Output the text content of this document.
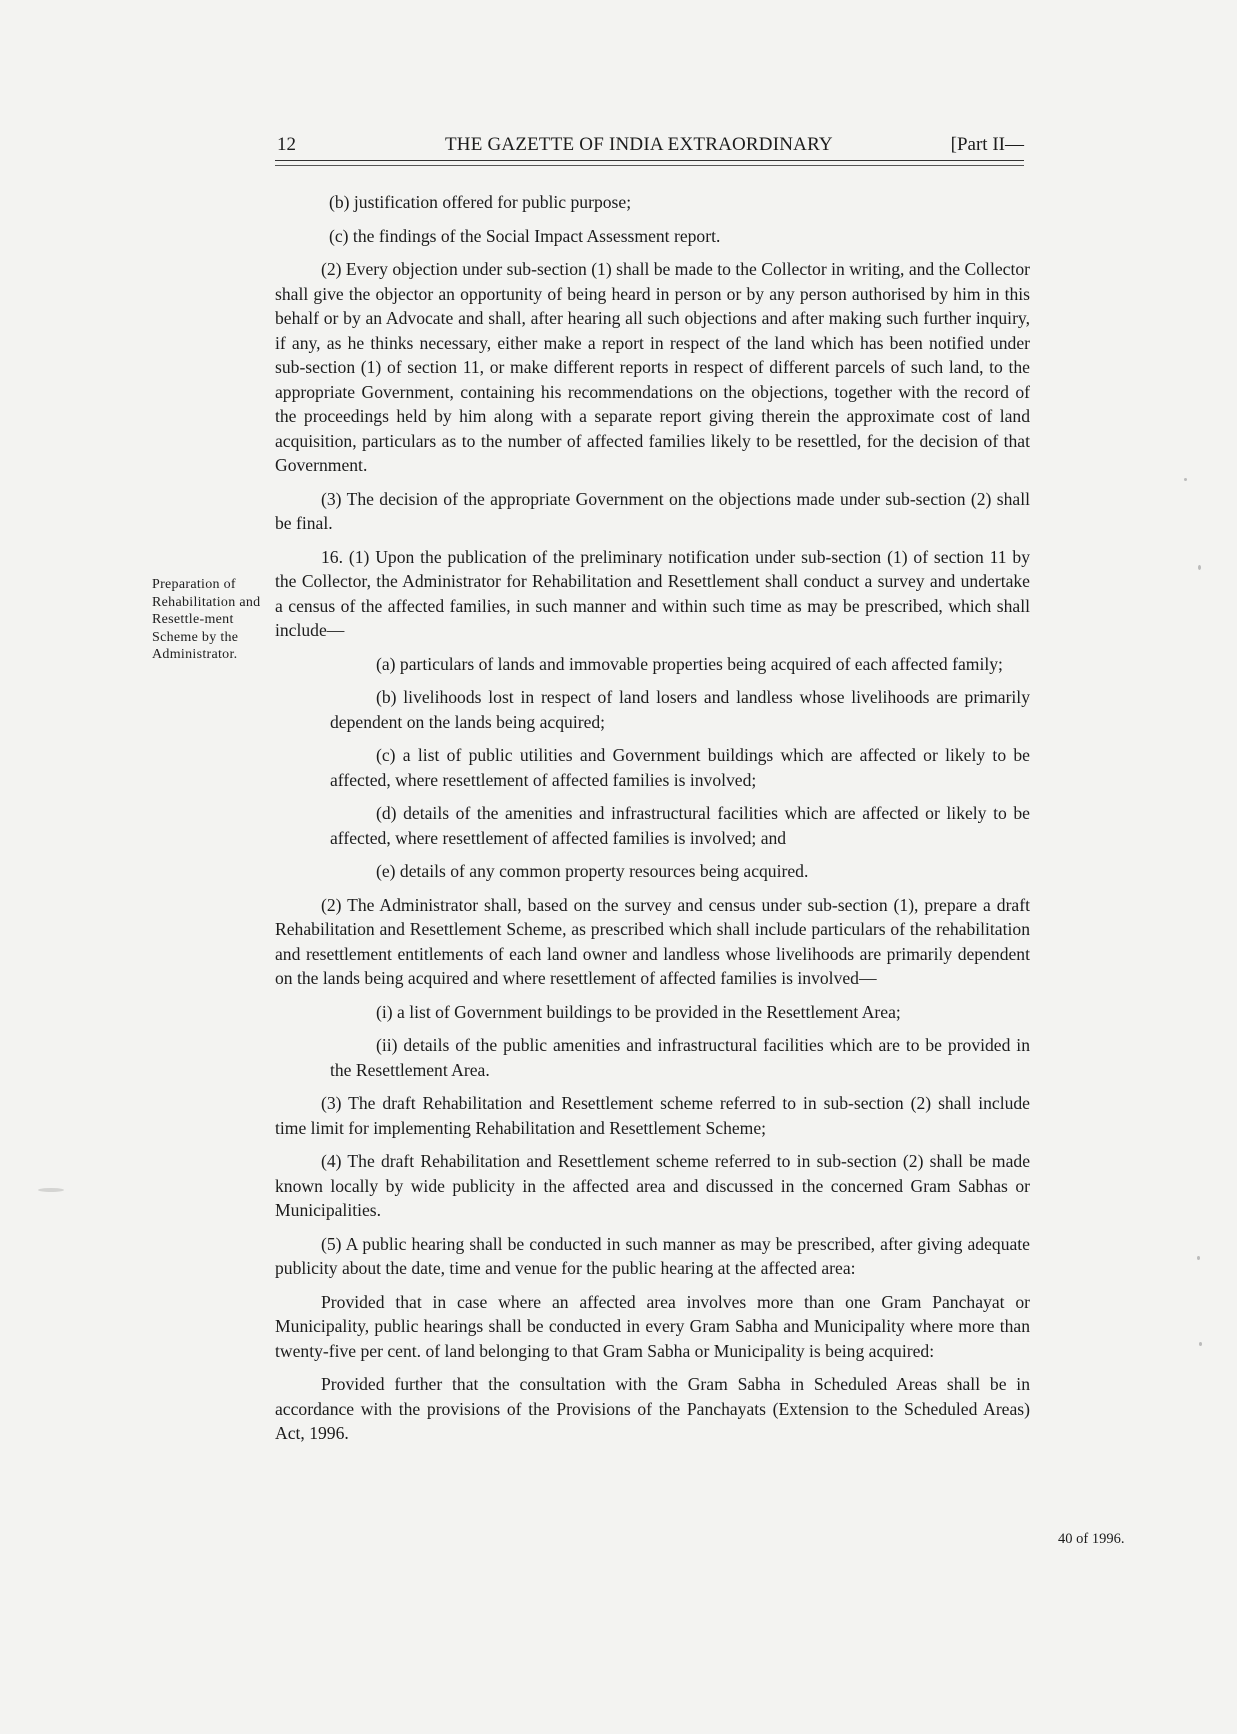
12	THE GAZETTE OF INDIA EXTRAORDINARY	[Part II—
Preparation of Rehabilitation and Resettle-ment Scheme by the Administrator.

(b) justification offered for public purpose;

(c) the findings of the Social Impact Assessment report.

(2) Every objection under sub-section (1) shall be made to the Collector in writing, and the Collector shall give the objector an opportunity of being heard in person or by any person authorised by him in this behalf or by an Advocate and shall, after hearing all such objections and after making such further inquiry, if any, as he thinks necessary, either make a report in respect of the land which has been notified under sub-section (1) of section 11, or make different reports in respect of different parcels of such land, to the appropriate Government, containing his recommendations on the objections, together with the record of the proceedings held by him along with a separate report giving therein the approximate cost of land acquisition, particulars as to the number of affected families likely to be resettled, for the decision of that Government.

(3) The decision of the appropriate Government on the objections made under sub-section (2) shall be final.

16. (1) Upon the publication of the preliminary notification under sub-section (1) of section 11 by the Collector, the Administrator for Rehabilitation and Resettlement shall conduct a survey and undertake a census of the affected families, in such manner and within such time as may be prescribed, which shall include—

(a) particulars of lands and immovable properties being acquired of each affected family;

(b) livelihoods lost in respect of land losers and landless whose livelihoods are primarily dependent on the lands being acquired;

(c) a list of public utilities and Government buildings which are affected or likely to be affected, where resettlement of affected families is involved;

(d) details of the amenities and infrastructural facilities which are affected or likely to be affected, where resettlement of affected families is involved; and

(e) details of any common property resources being acquired.

(2) The Administrator shall, based on the survey and census under sub-section (1), prepare a draft Rehabilitation and Resettlement Scheme, as prescribed which shall include particulars of the rehabilitation and resettlement entitlements of each land owner and landless whose livelihoods are primarily dependent on the lands being acquired and where resettlement of affected families is involved—

(i) a list of Government buildings to be provided in the Resettlement Area;

(ii) details of the public amenities and infrastructural facilities which are to be provided in the Resettlement Area.

(3) The draft Rehabilitation and Resettlement scheme referred to in sub-section (2) shall include time limit for implementing Rehabilitation and Resettlement Scheme;

(4) The draft Rehabilitation and Resettlement scheme referred to in sub-section (2) shall be made known locally by wide publicity in the affected area and discussed in the concerned Gram Sabhas or Municipalities.

(5) A public hearing shall be conducted in such manner as may be prescribed, after giving adequate publicity about the date, time and venue for the public hearing at the affected area:

Provided that in case where an affected area involves more than one Gram Panchayat or Municipality, public hearings shall be conducted in every Gram Sabha and Municipality where more than twenty-five per cent. of land belonging to that Gram Sabha or Municipality is being acquired:

Provided further that the consultation with the Gram Sabha in Scheduled Areas shall be in accordance with the provisions of the Provisions of the Panchayats (Extension to the Scheduled Areas) Act, 1996.

40 of 1996.
